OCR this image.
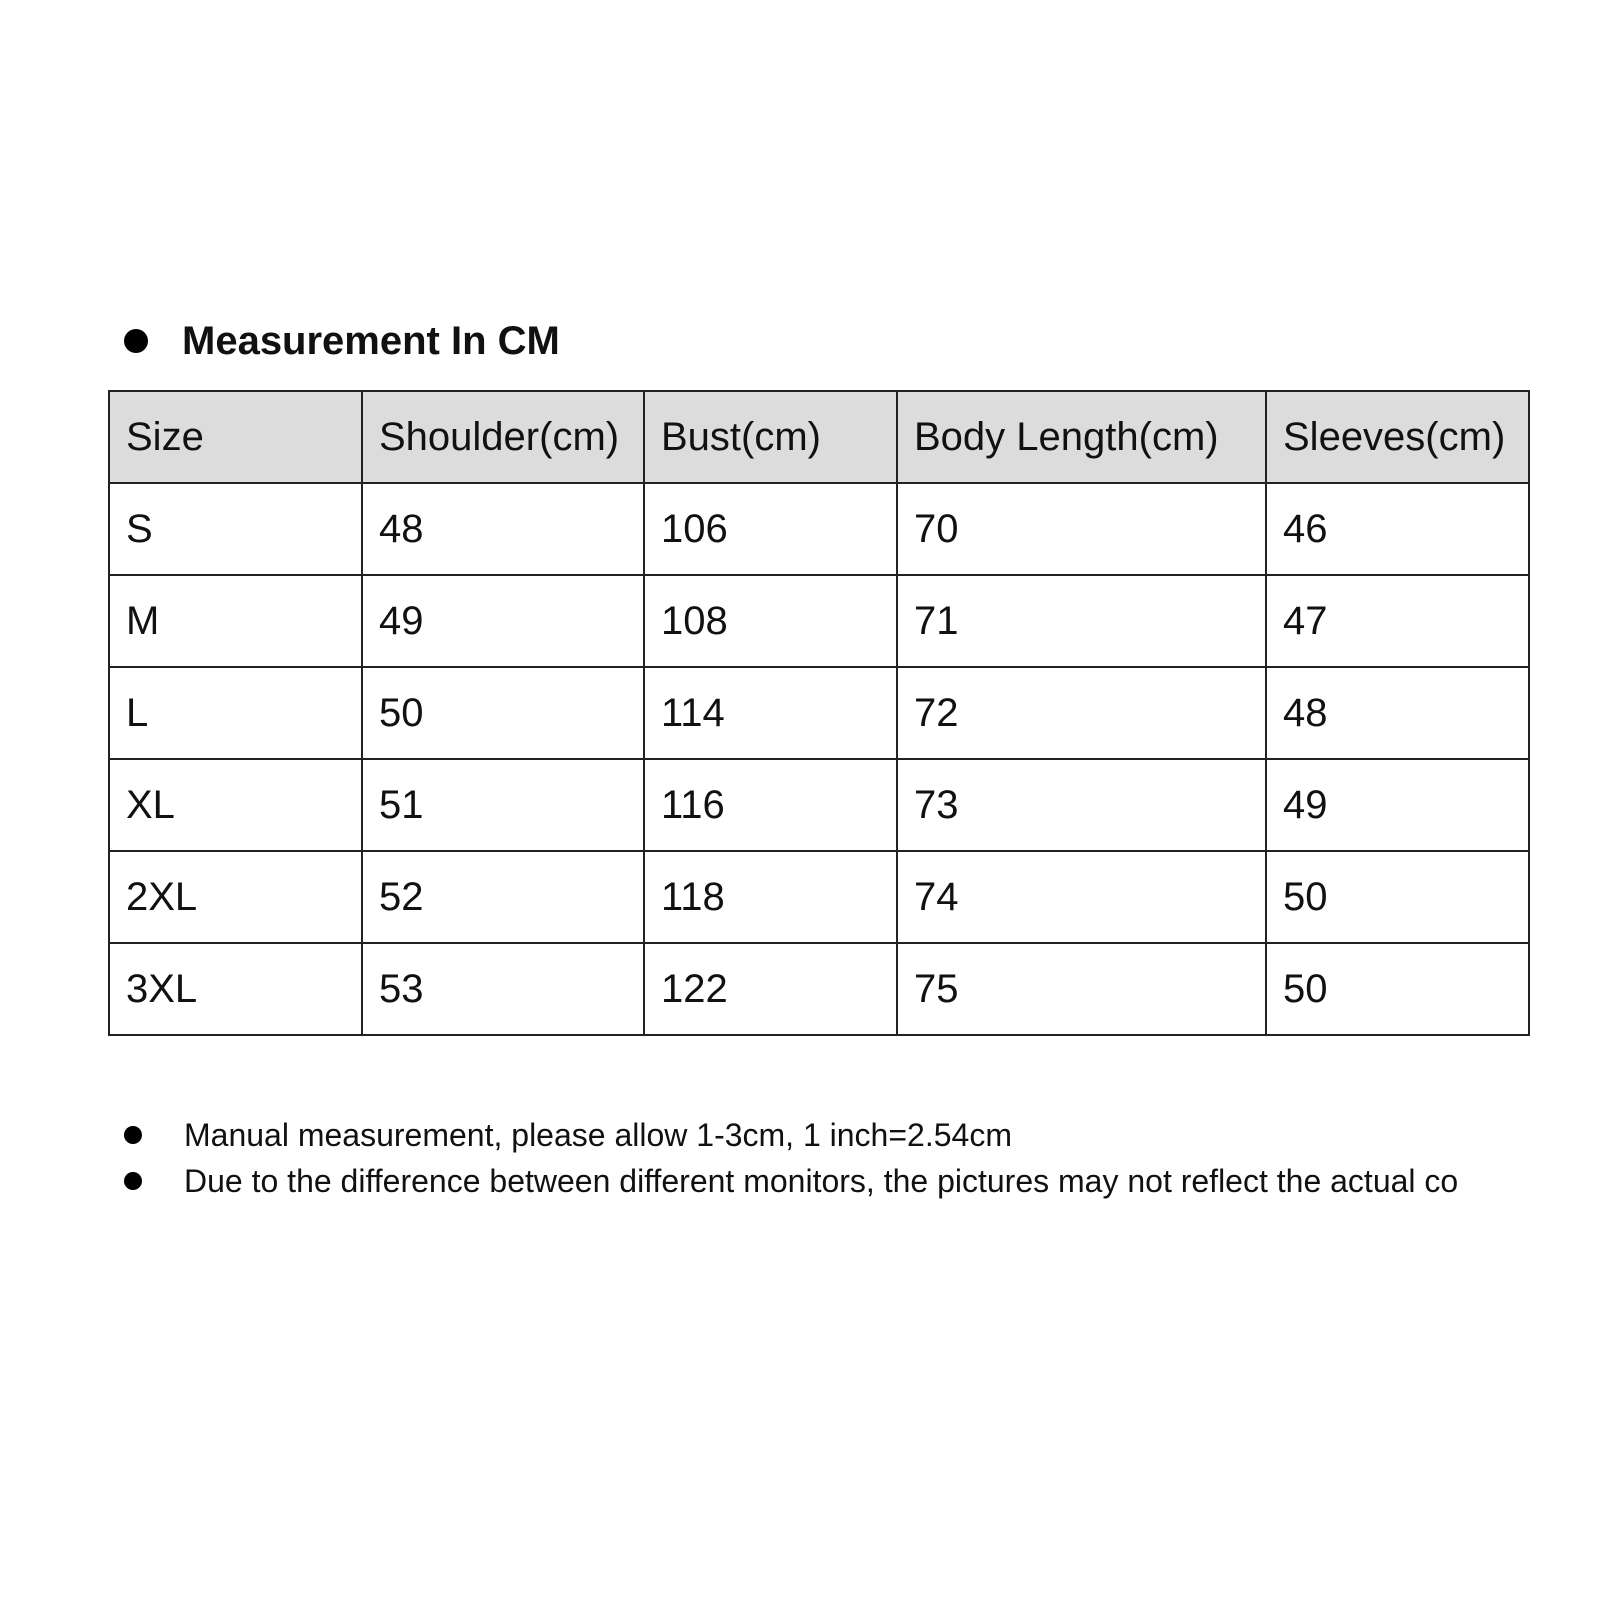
Measurement In CM
Size	Shoulder(cm)	Bust(cm)	Body Length(cm)	Sleeves(cm)
S	48	106	70	46
M	49	108	71	47
L	50	114	72	48
XL	51	116	73	49
2XL	52	118	74	50
3XL	53	122	75	50
Manual measurement, please allow 1-3cm, 1 inch=2.54cm
Due to the difference between different monitors, the pictures may not reflect the actual co
